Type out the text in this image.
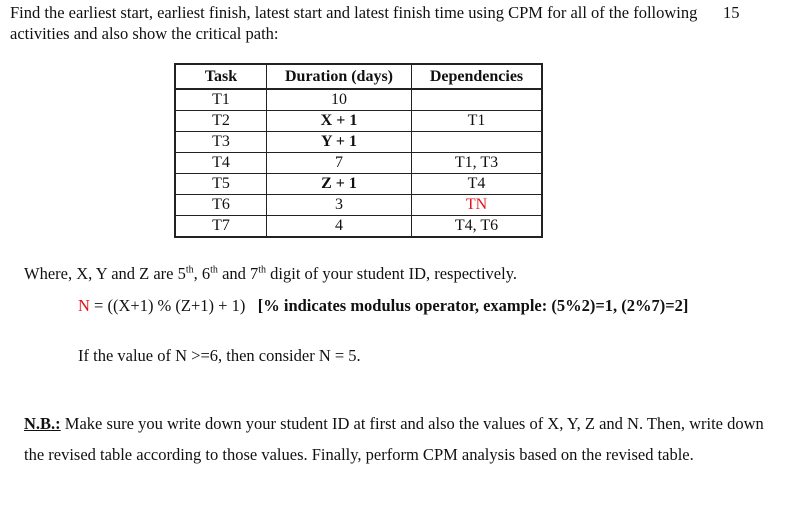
Find the earliest start, earliest finish, latest start and latest finish time using CPM for all of the following activities and also show the critical path:
15
Task	Duration (days)	Dependencies
T1	10	
T2	X + 1	T1
T3	Y + 1	
T4	7	T1, T3
T5	Z + 1	T4
T6	3	TN
T7	4	T4, T6
Where, X, Y and Z are 5th, 6th and 7th digit of your student ID, respectively.
N = ((X+1) % (Z+1) + 1) [% indicates modulus operator, example: (5%2)=1, (2%7)=2]
If the value of N >=6, then consider N = 5.
N.B.: Make sure you write down your student ID at first and also the values of X, Y, Z and N. Then, write down the revised table according to those values. Finally, perform CPM analysis based on the revised table.
